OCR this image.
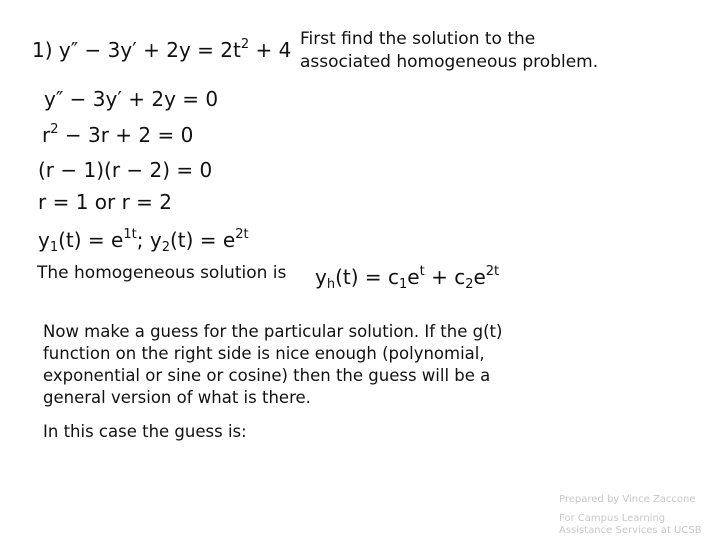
1) $y'' - 3y' + 2y = 2t^2 + 4$ First find the solution to the
associated homogeneous problem.
y″ − 3y′ + 2y = 0
$r^2 - 3r + 2 = 0$
(r − 1)(r − 2) = 0
r = 1 or r = 2
$y_1(t) = e^{1t}$; $y_2(t) = e^{2t}$
The homogeneous solution is $y_h(t) = c_1e^t + c_2e^{2t}$
Now make a guess for the particular solution. If the g(t)
function on the right side is nice enough (polynomial,
exponential or sine or cosine) then the guess will be a
general version of what is there.
In this case the guess is:
Prepared by Vince Zaccone
For Campus Learning
Assistance Services at UCSB
